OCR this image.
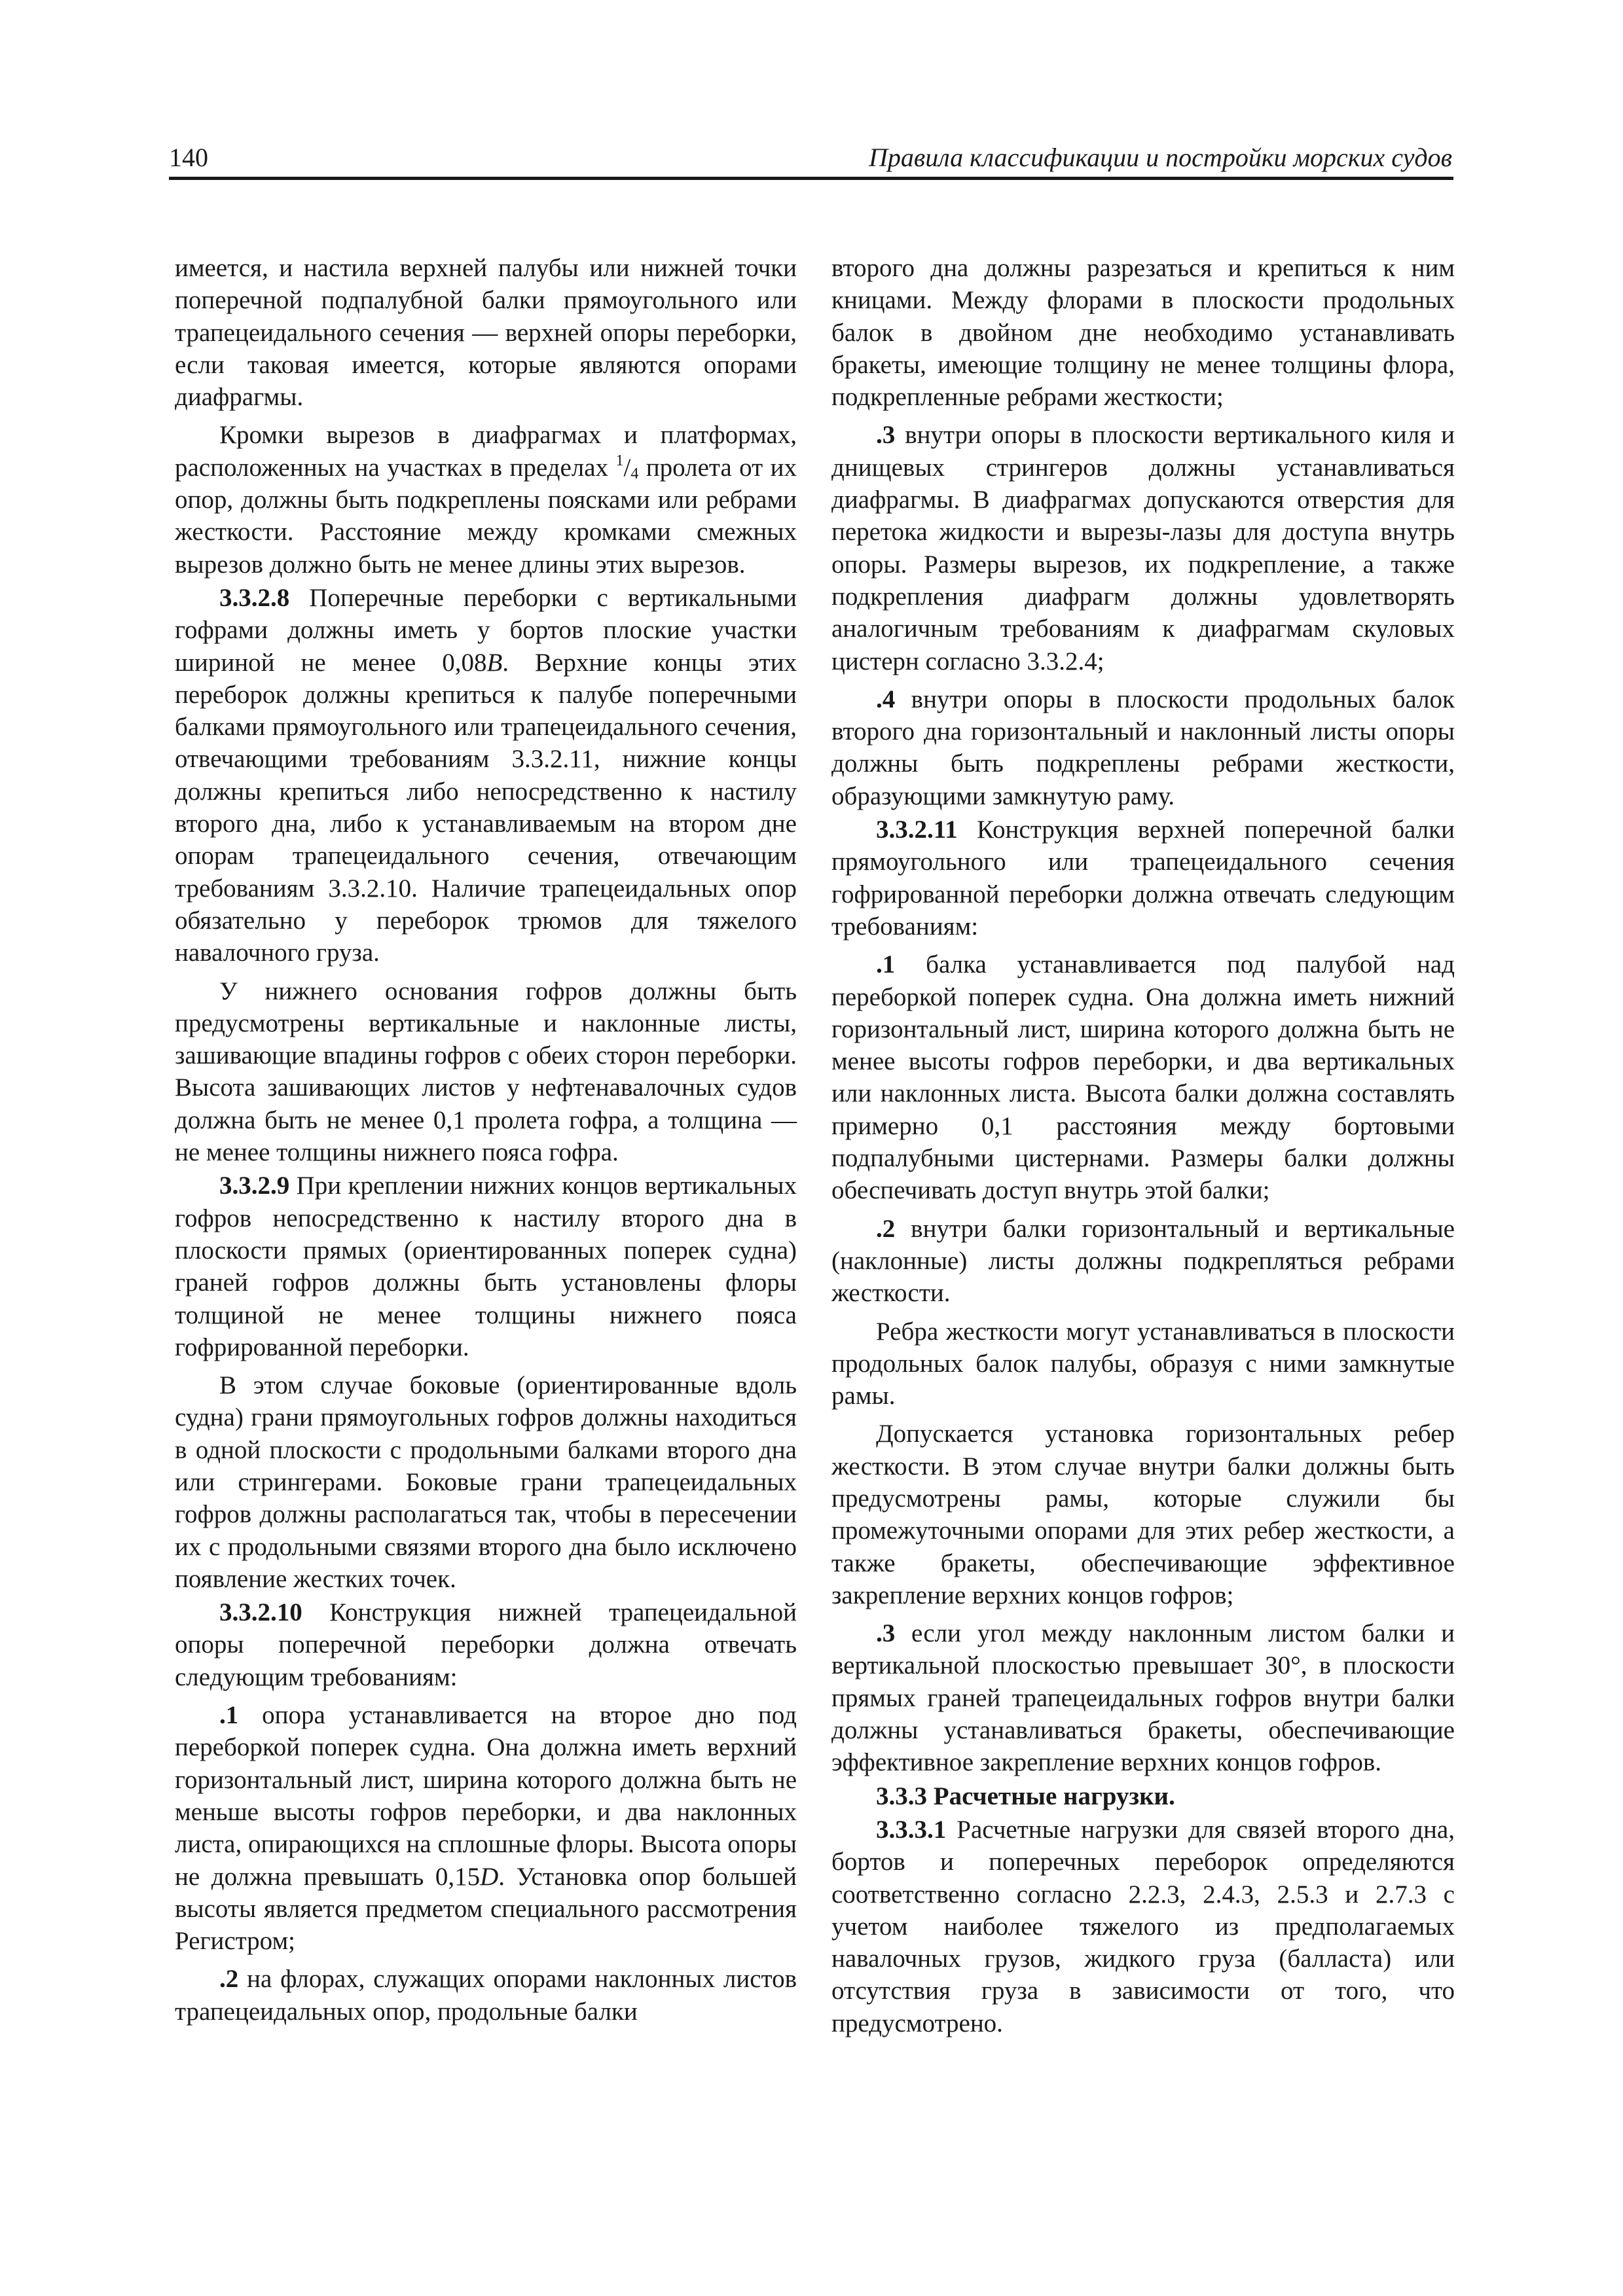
140	Правила классификации и постройки морских судов

имеется, и настила верхней палубы или нижней точки поперечной подпалубной балки прямоугольного или трапецеидального сечения — верхней опоры переборки, если таковая имеется, которые являются опорами диафрагмы.

Кромки вырезов в диафрагмах и платформах, расположенных на участках в пределах $^1/_4$ пролета от их опор, должны быть подкреплены поясками или ребрами жесткости. Расстояние между кромками смежных вырезов должно быть не менее длины этих вырезов.

3.3.2.8 Поперечные переборки с вертикальными гофрами должны иметь у бортов плоские участки шириной не менее 0,08B. Верхние концы этих переборок должны крепиться к палубе поперечными балками прямоугольного или трапецеидального сечения, отвечающими требованиям 3.3.2.11, нижние концы должны крепиться либо непосредственно к настилу второго дна, либо к устанавливаемым на втором дне опорам трапецеидального сечения, отвечающим требованиям 3.3.2.10. Наличие трапецеидальных опор обязательно у переборок трюмов для тяжелого навалочного груза.

У нижнего основания гофров должны быть предусмотрены вертикальные и наклонные листы, зашивающие впадины гофров с обеих сторон переборки. Высота зашивающих листов у нефтенавалочных судов должна быть не менее 0,1 пролета гофра, а толщина — не менее толщины нижнего пояса гофра.

3.3.2.9 При креплении нижних концов вертикальных гофров непосредственно к настилу второго дна в плоскости прямых (ориентированных поперек судна) граней гофров должны быть установлены флоры толщиной не менее толщины нижнего пояса гофрированной переборки.

В этом случае боковые (ориентированные вдоль судна) грани прямоугольных гофров должны находиться в одной плоскости с продольными балками второго дна или стрингерами. Боковые грани трапецеидальных гофров должны располагаться так, чтобы в пересечении их с продольными связями второго дна было исключено появление жестких точек.

3.3.2.10 Конструкция нижней трапецеидальной опоры поперечной переборки должна отвечать следующим требованиям:

.1 опора устанавливается на второе дно под переборкой поперек судна. Она должна иметь верхний горизонтальный лист, ширина которого должна быть не меньше высоты гофров переборки, и два наклонных листа, опирающихся на сплошные флоры. Высота опоры не должна превышать 0,15D. Установка опор большей высоты является предметом специального рассмотрения Регистром;

.2 на флорах, служащих опорами наклонных листов трапецеидальных опор, продольные балки

второго дна должны разрезаться и крепиться к ним кницами. Между флорами в плоскости продольных балок в двойном дне необходимо устанавливать бракеты, имеющие толщину не менее толщины флора, подкрепленные ребрами жесткости;

.3 внутри опоры в плоскости вертикального киля и днищевых стрингеров должны устанавливаться диафрагмы. В диафрагмах допускаются отверстия для перетока жидкости и вырезы-лазы для доступа внутрь опоры. Размеры вырезов, их подкрепление, а также подкрепления диафрагм должны удовлетворять аналогичным требованиям к диафрагмам скуловых цистерн согласно 3.3.2.4;

.4 внутри опоры в плоскости продольных балок второго дна горизонтальный и наклонный листы опоры должны быть подкреплены ребрами жесткости, образующими замкнутую раму.

3.3.2.11 Конструкция верхней поперечной балки прямоугольного или трапецеидального сечения гофрированной переборки должна отвечать следующим требованиям:

.1 балка устанавливается под палубой над переборкой поперек судна. Она должна иметь нижний горизонтальный лист, ширина которого должна быть не менее высоты гофров переборки, и два вертикальных или наклонных листа. Высота балки должна составлять примерно 0,1 расстояния между бортовыми подпалубными цистернами. Размеры балки должны обеспечивать доступ внутрь этой балки;

.2 внутри балки горизонтальный и вертикальные (наклонные) листы должны подкрепляться ребрами жесткости.

Ребра жесткости могут устанавливаться в плоскости продольных балок палубы, образуя с ними замкнутые рамы.

Допускается установка горизонтальных ребер жесткости. В этом случае внутри балки должны быть предусмотрены рамы, которые служили бы промежуточными опорами для этих ребер жесткости, а также бракеты, обеспечивающие эффективное закрепление верхних концов гофров;

.3 если угол между наклонным листом балки и вертикальной плоскостью превышает 30°, в плоскости прямых граней трапецеидальных гофров внутри балки должны устанавливаться бракеты, обеспечивающие эффективное закрепление верхних концов гофров.

3.3.3 Расчетные нагрузки.

3.3.3.1 Расчетные нагрузки для связей второго дна, бортов и поперечных переборок определяются соответственно согласно 2.2.3, 2.4.3, 2.5.3 и 2.7.3 с учетом наиболее тяжелого из предполагаемых навалочных грузов, жидкого груза (балласта) или отсутствия груза в зависимости от того, что предусмотрено.
